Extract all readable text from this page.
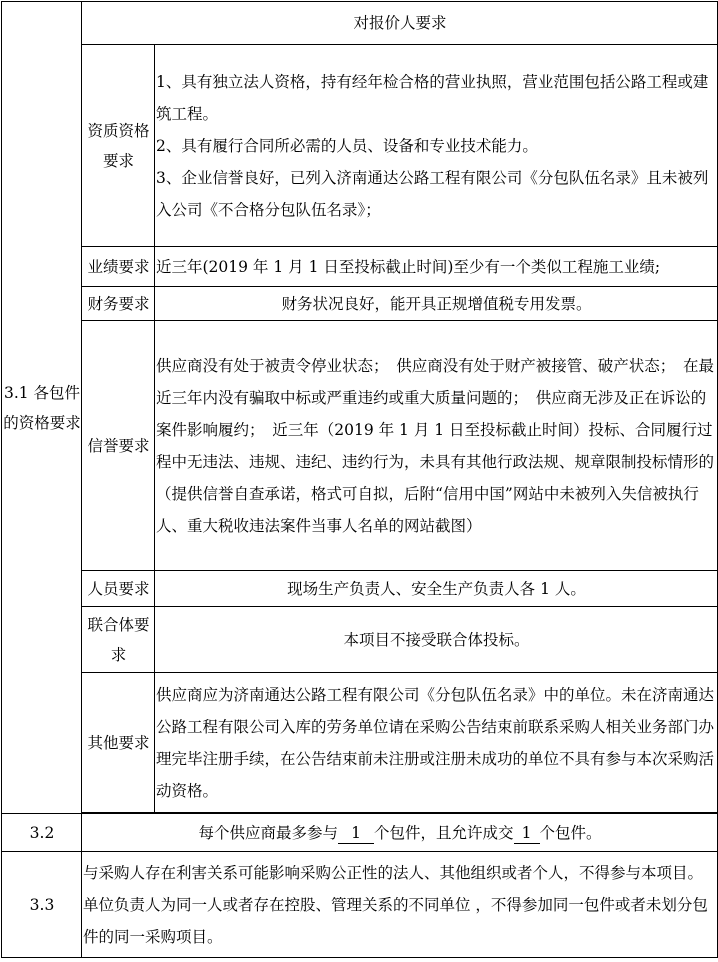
3.1 各包件的资格要求	对报价人要求	
	资质资格要求	1、具有独立法人资格，持有经年检合格的营业执照，营业范围包括公路工程或建筑工程。
2、具有履行合同所必需的人员、设备和专业技术能力。
3、企业信誉良好，已列入济南通达公路工程有限公司《分包队伍名录》且未被列入公司《不合格分包队伍名录》；

	业绩要求	近三年(2019 年 1 月 1 日至投标截止时间)至少有一个类似工程施工业绩;
	财务要求	财务状况良好，能开具正规增值税专用发票。
	信誉要求	供应商没有处于被责令停业状态；　供应商没有处于财产被接管、破产状态；　在最近三年内没有骗取中标或严重违约或重大质量问题的；　供应商无涉及正在诉讼的案件影响履约；　近三年（2019 年 1 月 1 日至投标截止时间）投标、合同履行过程中无违法、违规、违纪、违约行为，未具有其他行政法规、规章限制投标情形的（提供信誉自查承诺，格式可自拟，后附“信用中国”网站中未被列入失信被执行人、重大税收违法案件当事人名单的网站截图）
	人员要求	现场生产负责人、安全生产负责人各 1 人。
	联合体要求	本项目不接受联合体投标。
	其他要求	供应商应为济南通达公路工程有限公司《分包队伍名录》中的单位。未在济南通达公路工程有限公司入库的劳务单位请在采购公告结束前联系采购人相关业务部门办理完毕注册手续，在公告结束前未注册或注册未成功的单位不具有参与本次采购活动资格。

3.2	每个供应商最多参与 1 个包件，且允许成交 1 个包件。	
3.3	与采购人存在利害关系可能影响采购公正性的法人、其他组织或者个人，不得参与本项目。单位负责人为同一人或者存在控股、管理关系的不同单位 ，不得参加同一包件或者未划分包件的同一采购项目。	
